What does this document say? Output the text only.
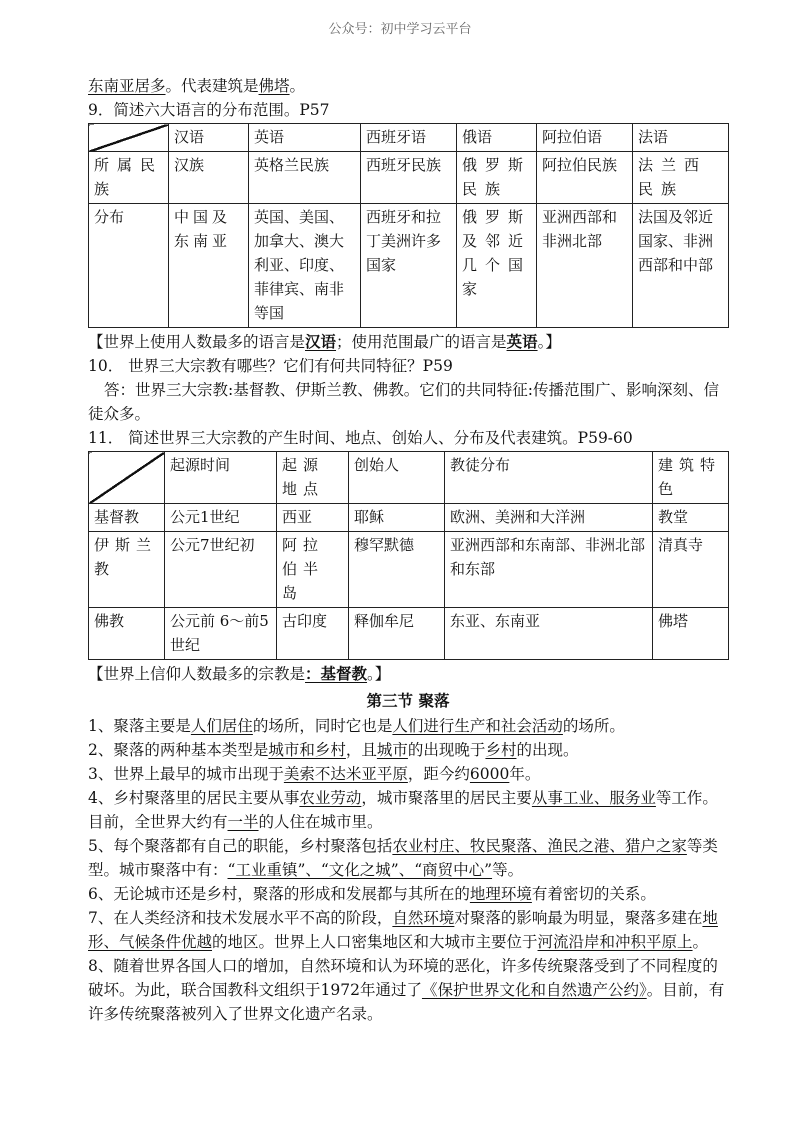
公众号：初中学习云平台
东南亚居多。代表建筑是佛塔。
9．简述六大语言的分布范围。P57
	汉语	英语	西班牙语	俄语	阿拉伯语	法语
所属民族	汉族	英格兰民族	西班牙民族	俄罗斯民族	阿拉伯民族	法兰西民族
分布	中国及东南亚	英国、美国、加拿大、澳大利亚、印度、菲律宾、南非等国	西班牙和拉丁美洲许多国家	俄罗斯及邻近几个国家	亚洲西部和非洲北部	法国及邻近国家、非洲西部和中部
【世界上使用人数最多的语言是汉语；使用范围最广的语言是英语。】
10． 世界三大宗教有哪些？它们有何共同特征？P59
答：世界三大宗教:基督教、伊斯兰教、佛教。它们的共同特征:传播范围广、影响深刻、信徒众多。
11． 简述世界三大宗教的产生时间、地点、创始人、分布及代表建筑。P59-60
	起源时间	起源地点	创始人	教徒分布	建筑特色
基督教	公元1世纪	西亚	耶稣	欧洲、美洲和大洋洲	教堂
伊斯兰教	公元7世纪初	阿拉伯半岛	穆罕默德	亚洲西部和东南部、非洲北部和东部	清真寺
佛教	公元前 6～前5世纪	古印度	释伽牟尼	东亚、东南亚	佛塔
【世界上信仰人数最多的宗教是：基督教。】
第三节 聚落
1、聚落主要是人们居住的场所，同时它也是人们进行生产和社会活动的场所。
2、聚落的两种基本类型是城市和乡村，且城市的出现晚于乡村的出现。
3、世界上最早的城市出现于美索不达米亚平原，距今约6000年。
4、乡村聚落里的居民主要从事农业劳动，城市聚落里的居民主要从事工业、服务业等工作。目前，全世界大约有一半的人住在城市里。
5、每个聚落都有自己的职能，乡村聚落包括农业村庄、牧民聚落、渔民之港、猎户之家等类型。城市聚落中有：“工业重镇”、“文化之城”、“商贸中心”等。
6、无论城市还是乡村，聚落的形成和发展都与其所在的地理环境有着密切的关系。
7、在人类经济和技术发展水平不高的阶段，自然环境对聚落的影响最为明显，聚落多建在地形、气候条件优越的地区。世界上人口密集地区和大城市主要位于河流沿岸和冲积平原上。
8、随着世界各国人口的增加，自然环境和认为环境的恶化，许多传统聚落受到了不同程度的破坏。为此，联合国教科文组织于1972年通过了《保护世界文化和自然遗产公约》。目前，有许多传统聚落被列入了世界文化遗产名录。
